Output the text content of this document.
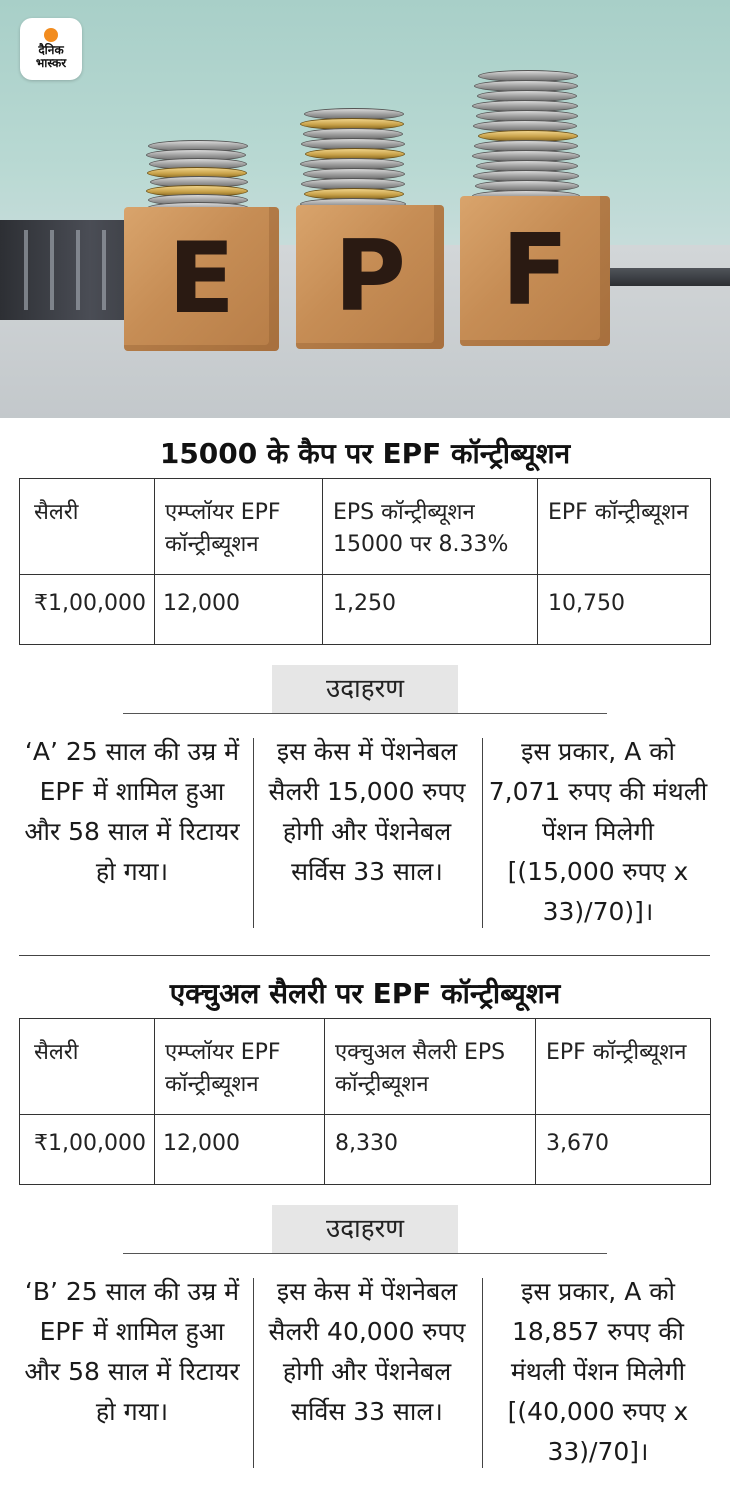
E P F
दैनिक
भास्कर
15000 के कैप पर EPF कॉन्ट्रीब्यूशन
सैलरी	एम्प्लॉयर EPF कॉन्ट्रीब्यूशन	EPS कॉन्ट्रीब्यूशन 15000 पर 8.33%	EPF कॉन्ट्रीब्यूशन
₹1,00,000	12,000	1,250	10,750
उदाहरण
‘A’ 25 साल की उम्र में EPF में शामिल हुआ और 58 साल में रिटायर हो गया।
इस केस में पेंशनेबल सैलरी 15,000 रुपए होगी और पेंशनेबल सर्विस 33 साल।
इस प्रकार, A को 7,071 रुपए की मंथली पेंशन मिलेगी [(15,000 रुपए x 33)/70)]।
एक्चुअल सैलरी पर EPF कॉन्ट्रीब्यूशन
सैलरी	एम्प्लॉयर EPF कॉन्ट्रीब्यूशन	एक्चुअल सैलरी EPS कॉन्ट्रीब्यूशन	EPF कॉन्ट्रीब्यूशन
₹1,00,000	12,000	8,330	3,670
उदाहरण
‘B’ 25 साल की उम्र में EPF में शामिल हुआ और 58 साल में रिटायर हो गया।
इस केस में पेंशनेबल सैलरी 40,000 रुपए होगी और पेंशनेबल सर्विस 33 साल।
इस प्रकार, A को 18,857 रुपए की मंथली पेंशन मिलेगी [(40,000 रुपए x 33)/70]।
